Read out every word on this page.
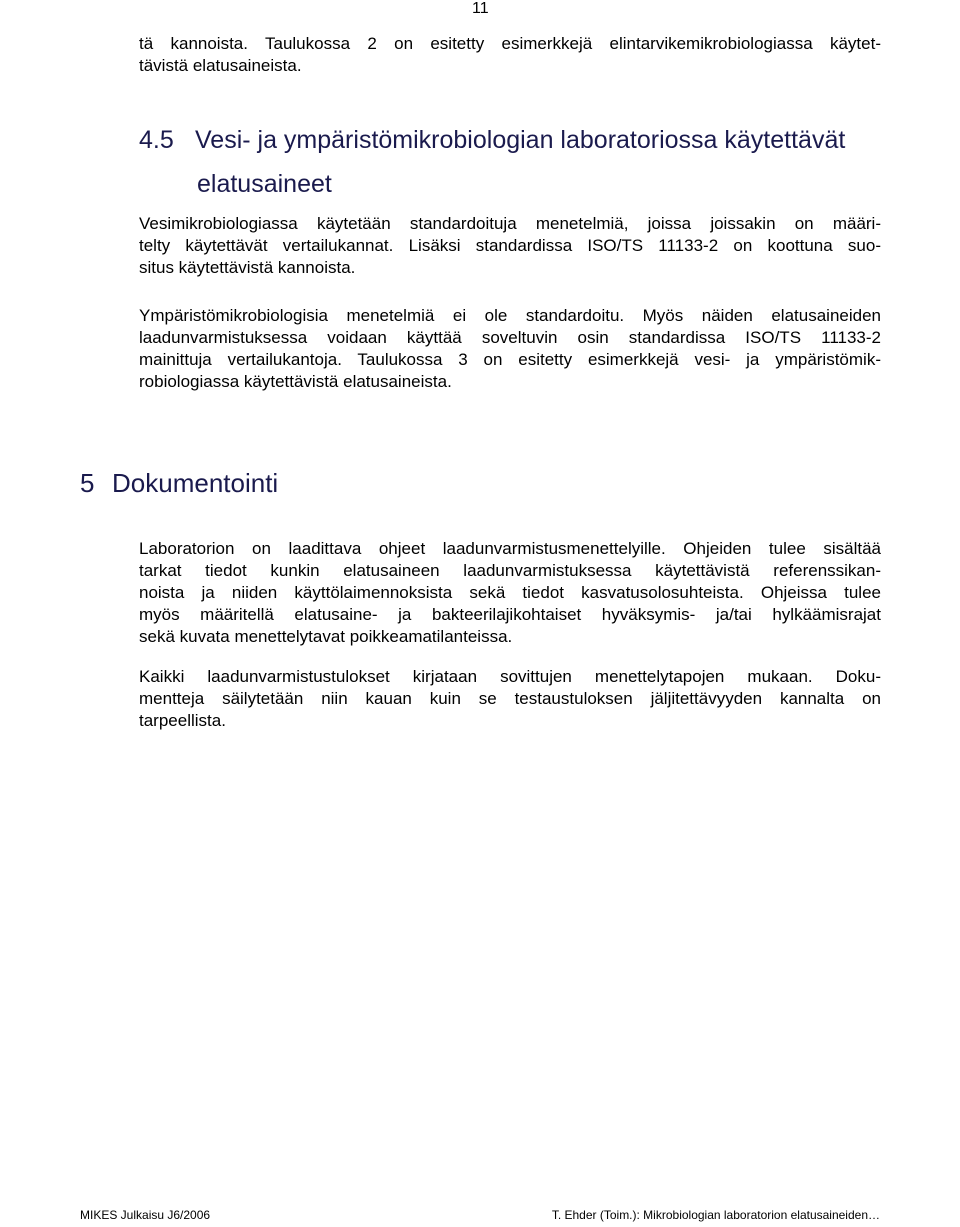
11

tä kannoista. Taulukossa 2 on esitetty esimerkkejä elintarvikemikrobiologiassa käytet-
tävistä elatusaineista.

4.5 Vesi- ja ympäristömikrobiologian laboratoriossa käytettävät
elatusaineet

Vesimikrobiologiassa käytetään standardoituja menetelmiä, joissa joissakin on määri-
telty käytettävät vertailukannat. Lisäksi standardissa ISO/TS 11133-2 on koottuna suo-
situs käytettävistä kannoista.

Ympäristömikrobiologisia menetelmiä ei ole standardoitu. Myös näiden elatusaineiden
laadunvarmistuksessa voidaan käyttää soveltuvin osin standardissa ISO/TS 11133-2
mainittuja vertailukantoja. Taulukossa 3 on esitetty esimerkkejä vesi- ja ympäristömik-
robiologiassa käytettävistä elatusaineista.

5 Dokumentointi

Laboratorion on laadittava ohjeet laadunvarmistusmenettelyille. Ohjeiden tulee sisältää
tarkat tiedot kunkin elatusaineen laadunvarmistuksessa käytettävistä referenssikan-
noista ja niiden käyttölaimennoksista sekä tiedot kasvatusolosuhteista. Ohjeissa tulee
myös määritellä elatusaine- ja bakteerilajikohtaiset hyväksymis- ja/tai hylkäämisrajat
sekä kuvata menettelytavat poikkeamatilanteissa.

Kaikki laadunvarmistustulokset kirjataan sovittujen menettelytapojen mukaan. Doku-
mentteja säilytetään niin kauan kuin se testaustuloksen jäljitettävyyden kannalta on
tarpeellista.

MIKES Julkaisu J6/2006	T. Ehder (Toim.): Mikrobiologian laboratorion elatusaineiden…
